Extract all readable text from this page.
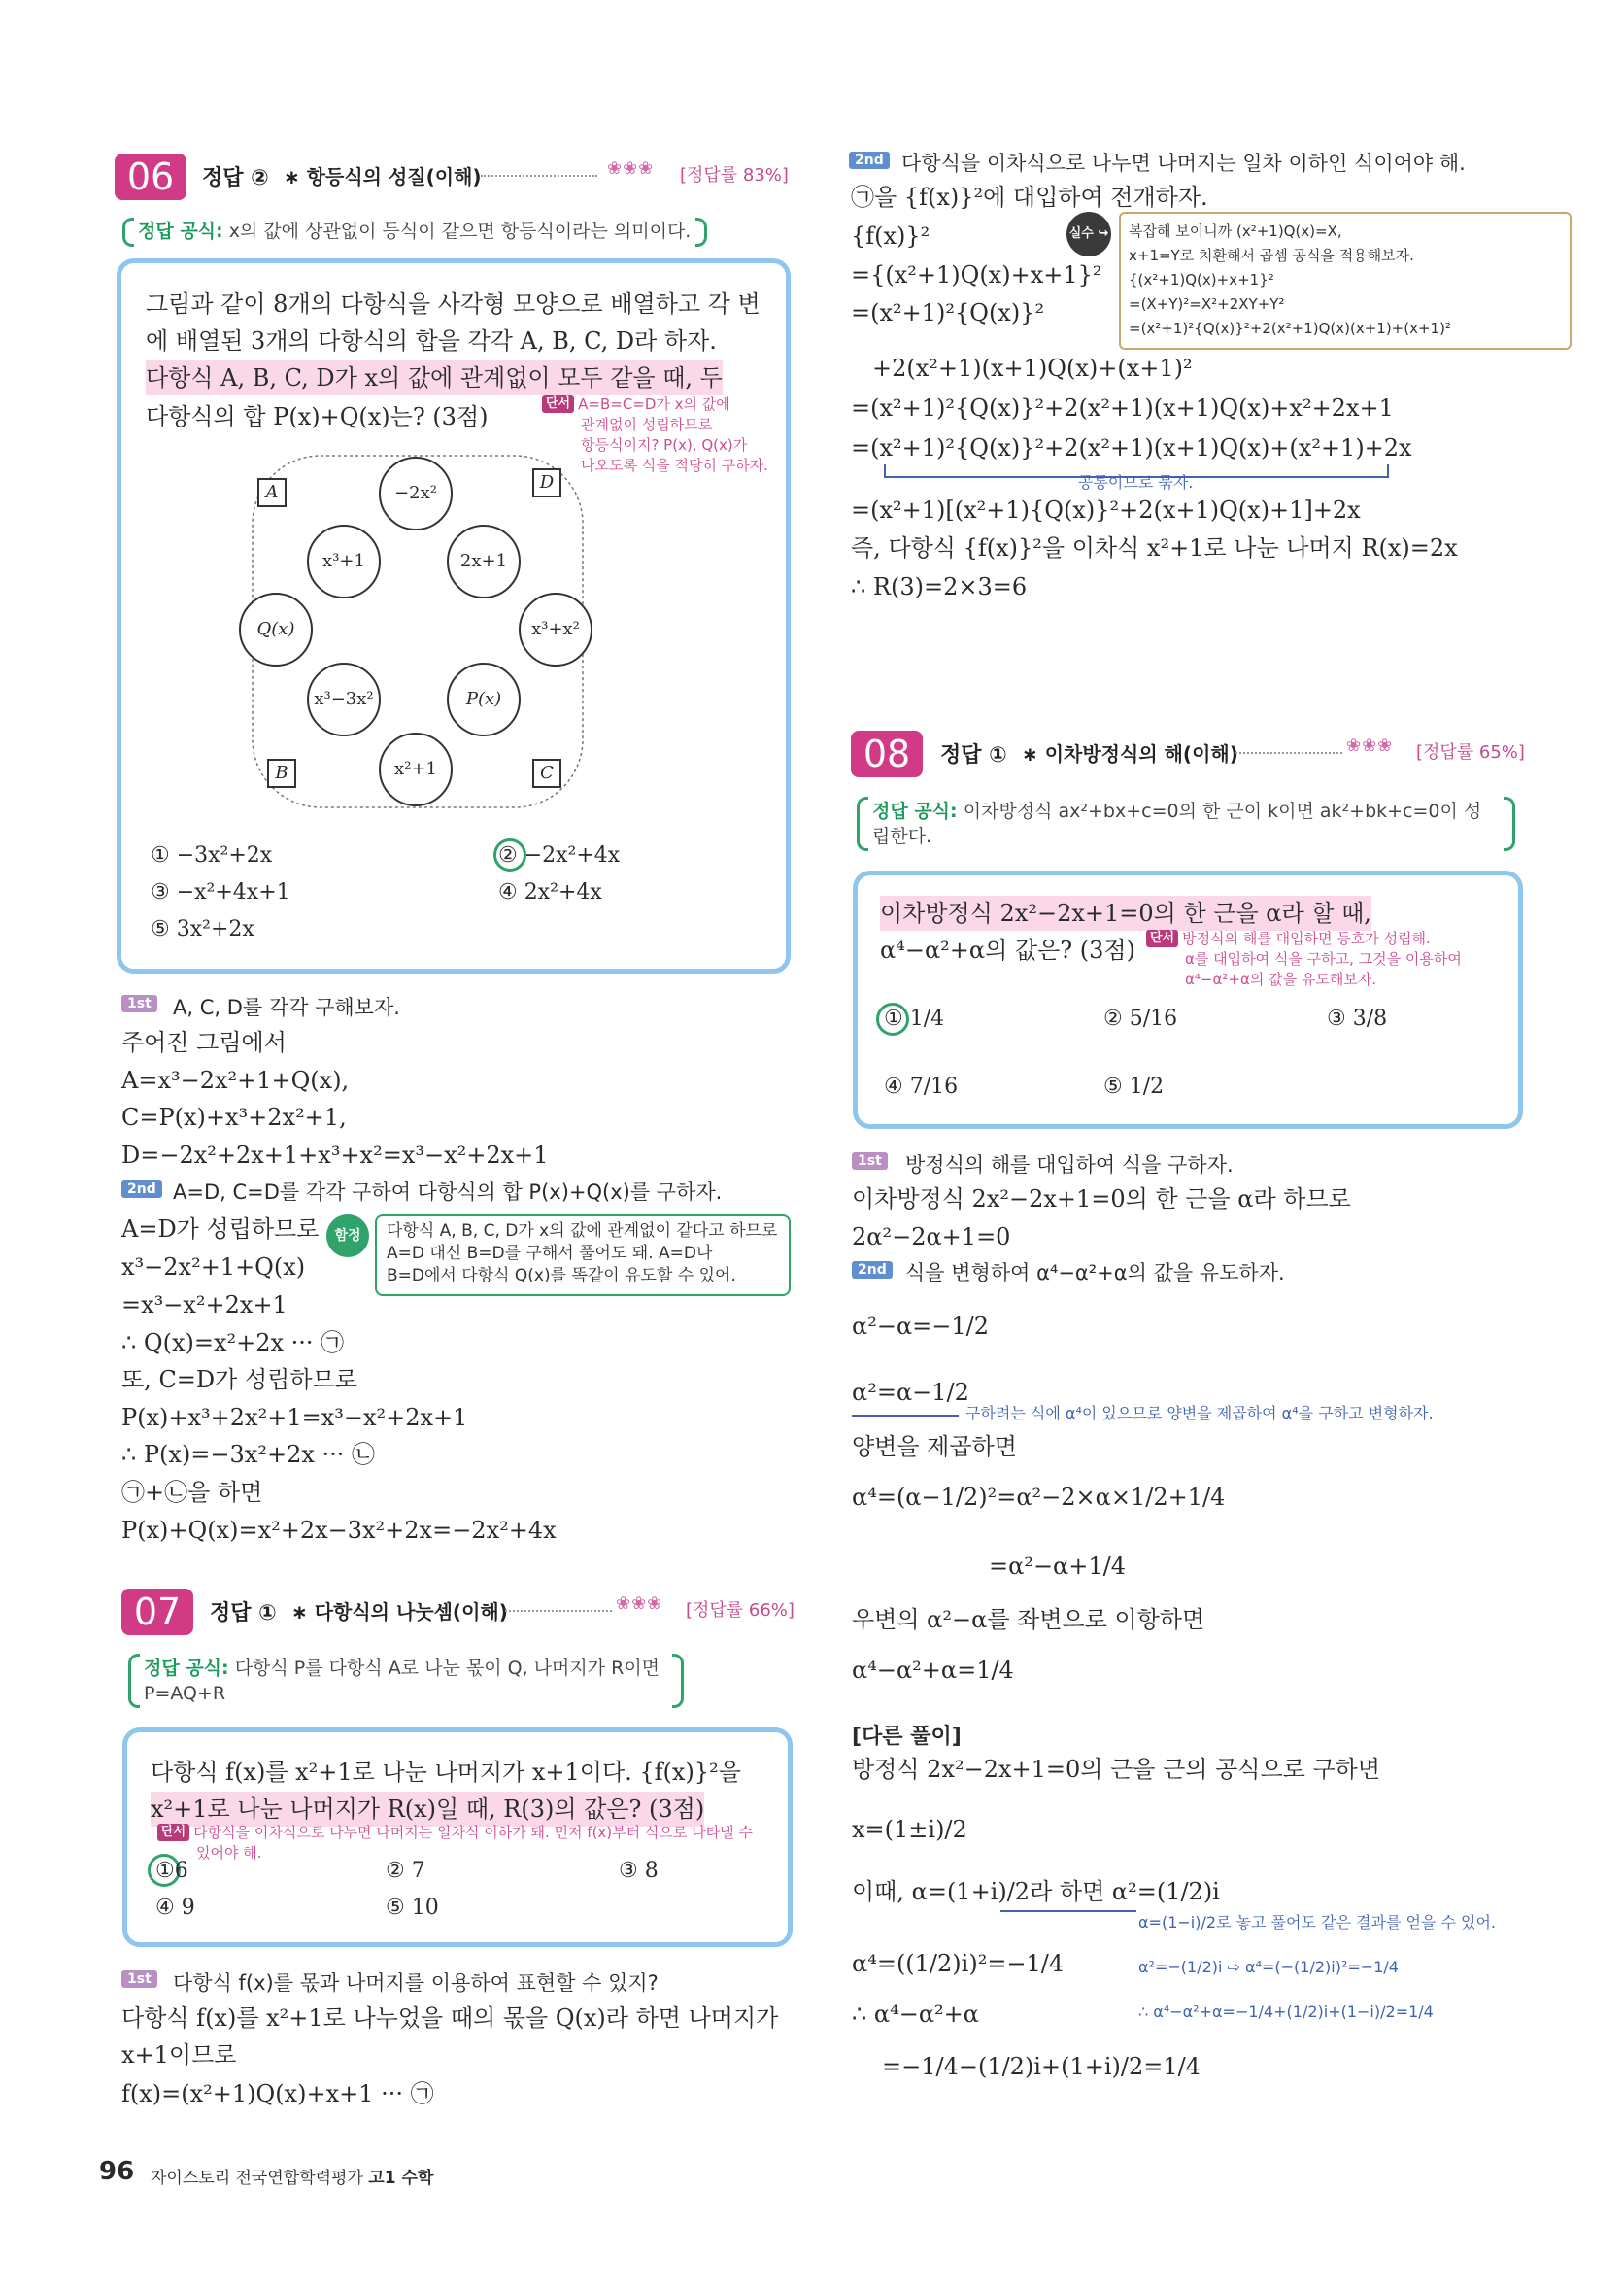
06	정답 ② ∗ 항등식의 성질(이해)	❀❀❀ [정답률 83%]
정답 공식: x의 값에 상관없이 등식이 같으면 항등식이라는 의미이다.
그림과 같이 8개의 다항식을 사각형 모양으로 배열하고 각 변
에 배열된 3개의 다항식의 합을 각각 A, B, C, D라 하자.
다항식 A, B, C, D가 x의 값에 관계없이 모두 같을 때, 두
다항식의 합 P(x)+Q(x)는? (3점)	단서 A=B=C=D가 x의 값에
관계없이 성립하므로
항등식이지? P(x), Q(x)가
나오도록 식을 적당히 구하자.
A	D
B	C
−2x²
x³+1	2x+1
Q(x)	x³+x²
x³−3x²	P(x)
x²+1
① −3x²+2x	② −2x²+4x
③ −x²+4x+1	④ 2x²+4x
⑤ 3x²+2x
1st A, C, D를 각각 구해보자.
주어진 그림에서
A=x³−2x²+1+Q(x),
C=P(x)+x³+2x²+1,
D=−2x²+2x+1+x³+x²=x³−x²+2x+1
2nd A=D, C=D를 각각 구하여 다항식의 합 P(x)+Q(x)를 구하자.
A=D가 성립하므로
x³−2x²+1+Q(x)
=x³−x²+2x+1
∴ Q(x)=x²+2x ··· ㉠
또, C=D가 성립하므로
P(x)+x³+2x²+1=x³−x²+2x+1
∴ P(x)=−3x²+2x ··· ㉡
㉠+㉡을 하면
P(x)+Q(x)=x²+2x−3x²+2x=−2x²+4x
함정	다항식 A, B, C, D가 x의 값에 관계없이 같다고 하므로
A=D 대신 B=D를 구해서 풀어도 돼. A=D나
B=D에서 다항식 Q(x)를 똑같이 유도할 수 있어.
07	정답 ① ∗ 다항식의 나눗셈(이해)	❀❀❀ [정답률 66%]
정답 공식: 다항식 P를 다항식 A로 나눈 몫이 Q, 나머지가 R이면
P=AQ+R
다항식 f(x)를 x²+1로 나눈 나머지가 x+1이다. {f(x)}²을
x²+1로 나눈 나머지가 R(x)일 때, R(3)의 값은? (3점)
단서 다항식을 이차식으로 나누면 나머지는 일차식 이하가 돼. 먼저 f(x)부터 식으로 나타낼 수
있어야 해.
①6	② 7	③ 8
④ 9	⑤ 10
1st 다항식 f(x)를 몫과 나머지를 이용하여 표현할 수 있지?
다항식 f(x)를 x²+1로 나누었을 때의 몫을 Q(x)라 하면 나머지가
x+1이므로
f(x)=(x²+1)Q(x)+x+1 ··· ㉠
96 자이스토리 전국연합학력평가 고1 수학
2nd 다항식을 이차식으로 나누면 나머지는 일차 이하인 식이어야 해.
㉠을 {f(x)}²에 대입하여 전개하자.
{f(x)}²
={(x²+1)Q(x)+x+1}²
=(x²+1)²{Q(x)}²
+2(x²+1)(x+1)Q(x)+(x+1)²
=(x²+1)²{Q(x)}²+2(x²+1)(x+1)Q(x)+x²+2x+1
=(x²+1)²{Q(x)}²+2(x²+1)(x+1)Q(x)+(x²+1)+2x
공통이므로 묶자.
=(x²+1)[(x²+1){Q(x)}²+2(x+1)Q(x)+1]+2x
즉, 다항식 {f(x)}²을 이차식 x²+1로 나눈 나머지 R(x)=2x
∴ R(3)=2×3=6
실수 ↪ 복잡해 보이니까 (x²+1)Q(x)=X,
x+1=Y로 치환해서 곱셈 공식을 적용해보자.
{(x²+1)Q(x)+x+1}²
=(X+Y)²=X²+2XY+Y²
=(x²+1)²{Q(x)}²+2(x²+1)Q(x)(x+1)+(x+1)²
08	정답 ① ∗ 이차방정식의 해(이해)	❀❀❀ [정답률 65%]
정답 공식: 이차방정식 ax²+bx+c=0의 한 근이 k이면 ak²+bk+c=0이 성
립한다.
이차방정식 2x²−2x+1=0의 한 근을 α라 할 때,
α⁴−α²+α의 값은? (3점)	단서 방정식의 해를 대입하면 등호가 성립해.
α를 대입하여 식을 구하고, 그것을 이용하여
α⁴−α²+α의 값을 유도해보자.
① 1/4	② 5/16	③ 3/8
④ 7/16	⑤ 1/2
1st 방정식의 해를 대입하여 식을 구하자.
이차방정식 2x²−2x+1=0의 한 근을 α라 하므로
2α²−2α+1=0
2nd 식을 변형하여 α⁴−α²+α의 값을 유도하자.
α²−α=−1/2
α²=α−1/2
구하려는 식에 α⁴이 있으므로 양변을 제곱하여 α⁴을 구하고 변형하자.
양변을 제곱하면
α⁴=(α−1/2)²=α²−2×α×1/2+1/4
=α²−α+1/4
우변의 α²−α를 좌변으로 이항하면
α⁴−α²+α=1/4
[다른 풀이]
방정식 2x²−2x+1=0의 근을 근의 공식으로 구하면
x=(1±i)/2
이때, α=(1+i)/2라 하면 α²=(1/2)i
α⁴=((1/2)i)²=−1/4
∴ α⁴−α²+α
=−1/4−(1/2)i+(1+i)/2=1/4
α=(1−i)/2로 놓고 풀어도 같은 결과를 얻을 수 있어.
α²=−(1/2)i ⇨ α⁴=(−(1/2)i)²=−1/4
∴ α⁴−α²+α=−1/4+(1/2)i+(1−i)/2=1/4
